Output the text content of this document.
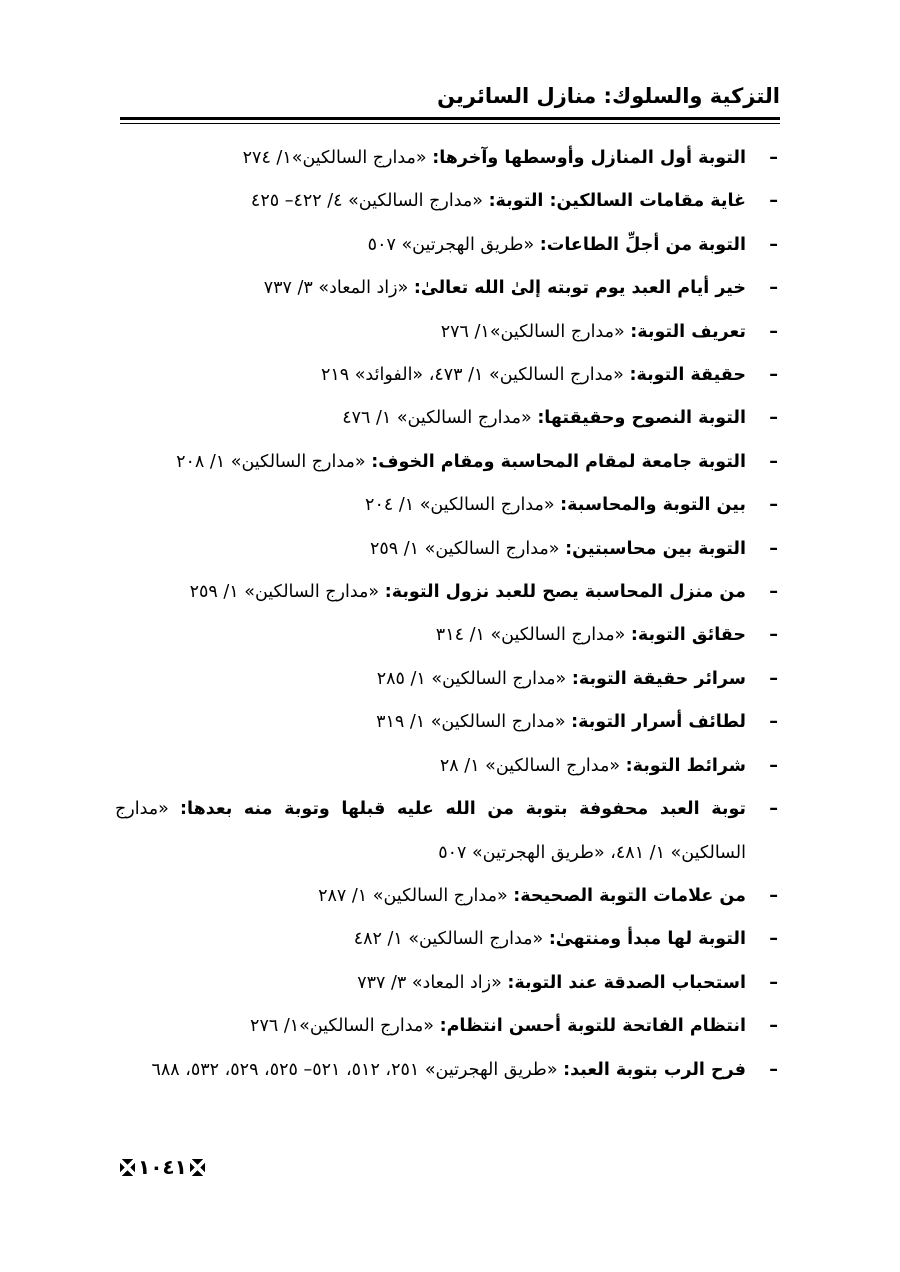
التزكية والسلوك: منازل السائرين
–
التوبة أول المنازل وأوسطها وآخرها: «مدارج السالكين»١/ ٢٧٤
–
غاية مقامات السالكين: التوبة: «مدارج السالكين» ٤/ ٤٢٢– ٤٢٥
–
التوبة من أجلِّ الطاعات: «طريق الهجرتين» ٥٠٧
–
خير أيام العبد يوم توبته إلىٰ الله تعالىٰ: «زاد المعاد» ٣/ ٧٣٧
–
تعريف التوبة: «مدارج السالكين»١/ ٢٧٦
–
حقيقة التوبة: «مدارج السالكين» ١/ ٤٧٣، «الفوائد» ٢١٩
–
التوبة النصوح وحقيقتها: «مدارج السالكين» ١/ ٤٧٦
–
التوبة جامعة لمقام المحاسبة ومقام الخوف: «مدارج السالكين» ١/ ٢٠٨
–
بين التوبة والمحاسبة: «مدارج السالكين» ١/ ٢٠٤
–
التوبة بين محاسبتين: «مدارج السالكين» ١/ ٢٥٩
–
من منزل المحاسبة يصح للعبد نزول التوبة: «مدارج السالكين» ١/ ٢٥٩
–
حقائق التوبة: «مدارج السالكين» ١/ ٣١٤
–
سرائر حقيقة التوبة: «مدارج السالكين» ١/ ٢٨٥
–
لطائف أسرار التوبة: «مدارج السالكين» ١/ ٣١٩
–
شرائط التوبة: «مدارج السالكين» ١/ ٢٨
–
توبة العبد محفوفة بتوبة من الله عليه قبلها وتوبة منه بعدها: «مدارج السالكين» ١/ ٤٨١، «طريق الهجرتين» ٥٠٧
–
من علامات التوبة الصحيحة: «مدارج السالكين» ١/ ٢٨٧
–
التوبة لها مبدأ ومنتهىٰ: «مدارج السالكين» ١/ ٤٨٢
–
استحباب الصدقة عند التوبة: «زاد المعاد» ٣/ ٧٣٧
–
انتظام الفاتحة للتوبة أحسن انتظام: «مدارج السالكين»١/ ٢٧٦
–
فرح الرب بتوبة العبد: «طريق الهجرتين» ٢٥١، ٥١٢، ٥٢١– ٥٢٥، ٥٢٩، ٥٣٢، ٦٨٨
١٠٤١
